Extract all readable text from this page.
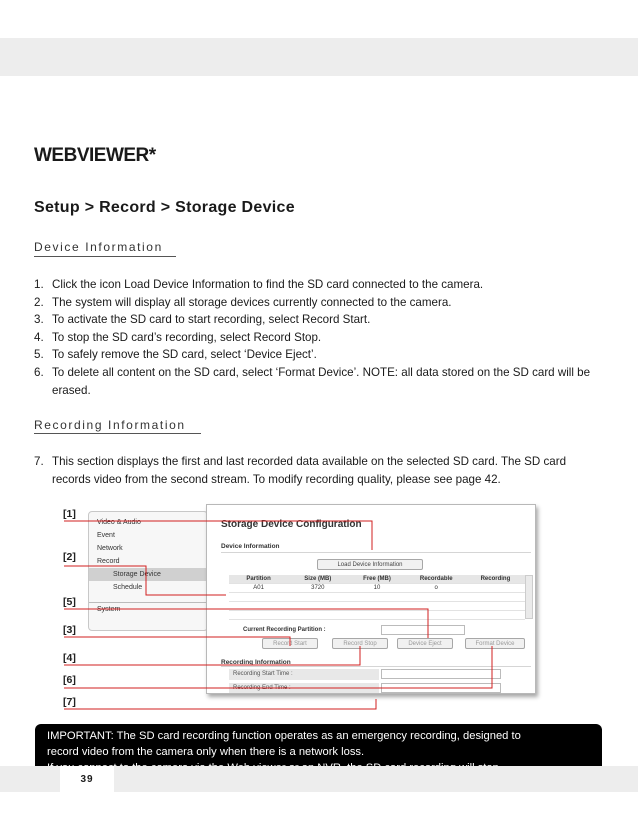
WEBVIEWER*
Setup > Record > Storage Device
Device Information
1. Click the icon Load Device Information to find the SD card connected to the camera.
2. The system will display all storage devices currently connected to the camera.
3. To activate the SD card to start recording, select Record Start.
4. To stop the SD card’s recording, select Record Stop.
5. To safely remove the SD card, select ‘Device Eject’.
6. To delete all content on the SD card, select ‘Format Device’. NOTE: all data stored on the SD card will be erased.
Recording Information
7. This section displays the first and last recorded data available on the selected SD card. The SD card records video from the second stream. To modify recording quality, please see page 42.
Video & Audio
Event
Network
Record
Storage Device
Schedule
System
Storage Device Configuration
Device Information
Load Device Information
Partition	Size (MB)	Free (MB)	Recordable	Recording
A01	3720	10	o
Current Recording Partition :
Record Start	Record Stop	Device Eject	Format Device
Recording Information
Recording Start Time :
Recording End Time :
[1]
[2]
[5]
[3]
[4]
[6]
[7]
IMPORTANT: The SD card recording function operates as an emergency recording, designed to
record video from the camera only when there is a network loss.
39
